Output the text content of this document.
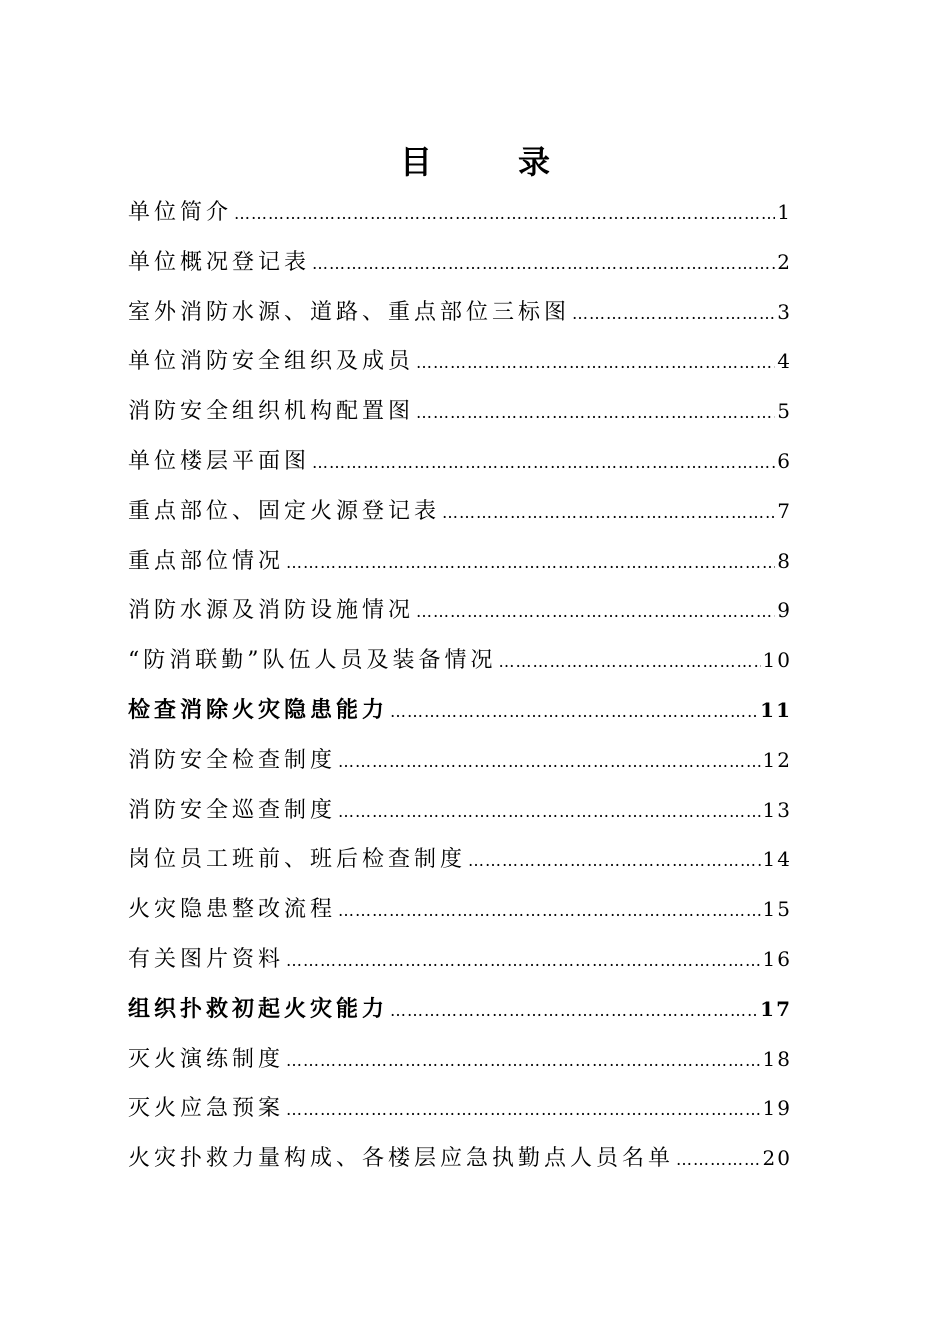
目	录
单位简介 …………………………………………………………………………………………………………………………………………………………………………	1
单位概况登记表 …………………………………………………………………………………………………………………………………………………………………………	2
室外消防水源、道路、重点部位三标图 …………………………………………………………………………………………………………………………………………………………………………	3
单位消防安全组织及成员 …………………………………………………………………………………………………………………………………………………………………………	4
消防安全组织机构配置图 …………………………………………………………………………………………………………………………………………………………………………	5
单位楼层平面图 …………………………………………………………………………………………………………………………………………………………………………	6
重点部位、固定火源登记表 …………………………………………………………………………………………………………………………………………………………………………	7
重点部位情况 …………………………………………………………………………………………………………………………………………………………………………	8
消防水源及消防设施情况 …………………………………………………………………………………………………………………………………………………………………………	9
“防消联勤”队伍人员及装备情况 …………………………………………………………………………………………………………………………………………………………………………	10
检查消除火灾隐患能力 …………………………………………………………………………………………………………………………………………………………………………	11
消防安全检查制度 …………………………………………………………………………………………………………………………………………………………………………	12
消防安全巡查制度 …………………………………………………………………………………………………………………………………………………………………………	13
岗位员工班前、班后检查制度 …………………………………………………………………………………………………………………………………………………………………………	14
火灾隐患整改流程 …………………………………………………………………………………………………………………………………………………………………………	15
有关图片资料 …………………………………………………………………………………………………………………………………………………………………………	16
组织扑救初起火灾能力 …………………………………………………………………………………………………………………………………………………………………………	17
灭火演练制度 …………………………………………………………………………………………………………………………………………………………………………	18
灭火应急预案 …………………………………………………………………………………………………………………………………………………………………………	19
火灾扑救力量构成、各楼层应急执勤点人员名单 …………………………………………………………………………………………………………………………………………………………………………	20
